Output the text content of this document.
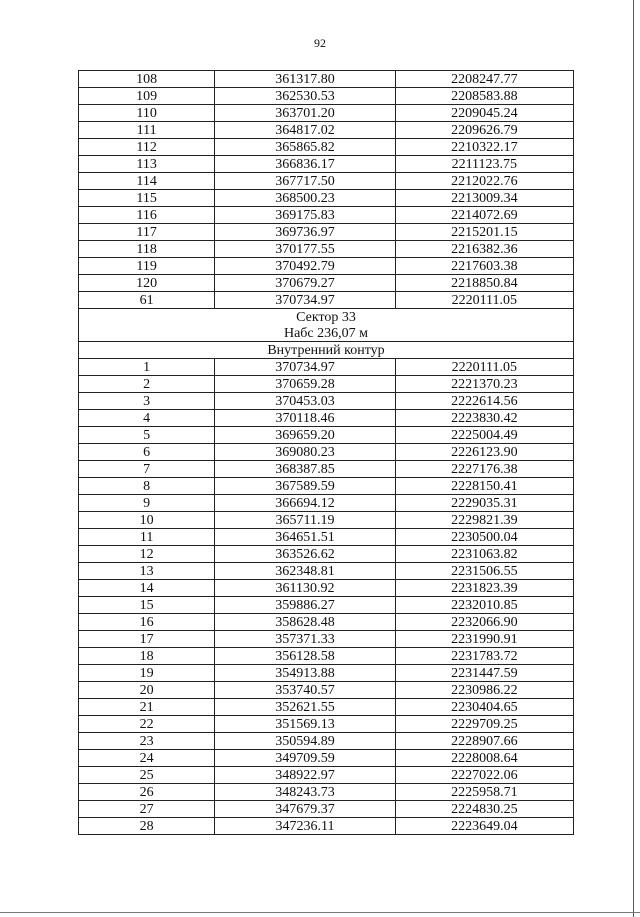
92
108	361317.80	2208247.77
109	362530.53	2208583.88
110	363701.20	2209045.24
111	364817.02	2209626.79
112	365865.82	2210322.17
113	366836.17	2211123.75
114	367717.50	2212022.76
115	368500.23	2213009.34
116	369175.83	2214072.69
117	369736.97	2215201.15
118	370177.55	2216382.36
119	370492.79	2217603.38
120	370679.27	2218850.84
61	370734.97	2220111.05
Сектор 33		
Набс 236,07 м		
Внутренний контур		
1	370734.97	2220111.05
2	370659.28	2221370.23
3	370453.03	2222614.56
4	370118.46	2223830.42
5	369659.20	2225004.49
6	369080.23	2226123.90
7	368387.85	2227176.38
8	367589.59	2228150.41
9	366694.12	2229035.31
10	365711.19	2229821.39
11	364651.51	2230500.04
12	363526.62	2231063.82
13	362348.81	2231506.55
14	361130.92	2231823.39
15	359886.27	2232010.85
16	358628.48	2232066.90
17	357371.33	2231990.91
18	356128.58	2231783.72
19	354913.88	2231447.59
20	353740.57	2230986.22
21	352621.55	2230404.65
22	351569.13	2229709.25
23	350594.89	2228907.66
24	349709.59	2228008.64
25	348922.97	2227022.06
26	348243.73	2225958.71
27	347679.37	2224830.25
28	347236.11	2223649.04
